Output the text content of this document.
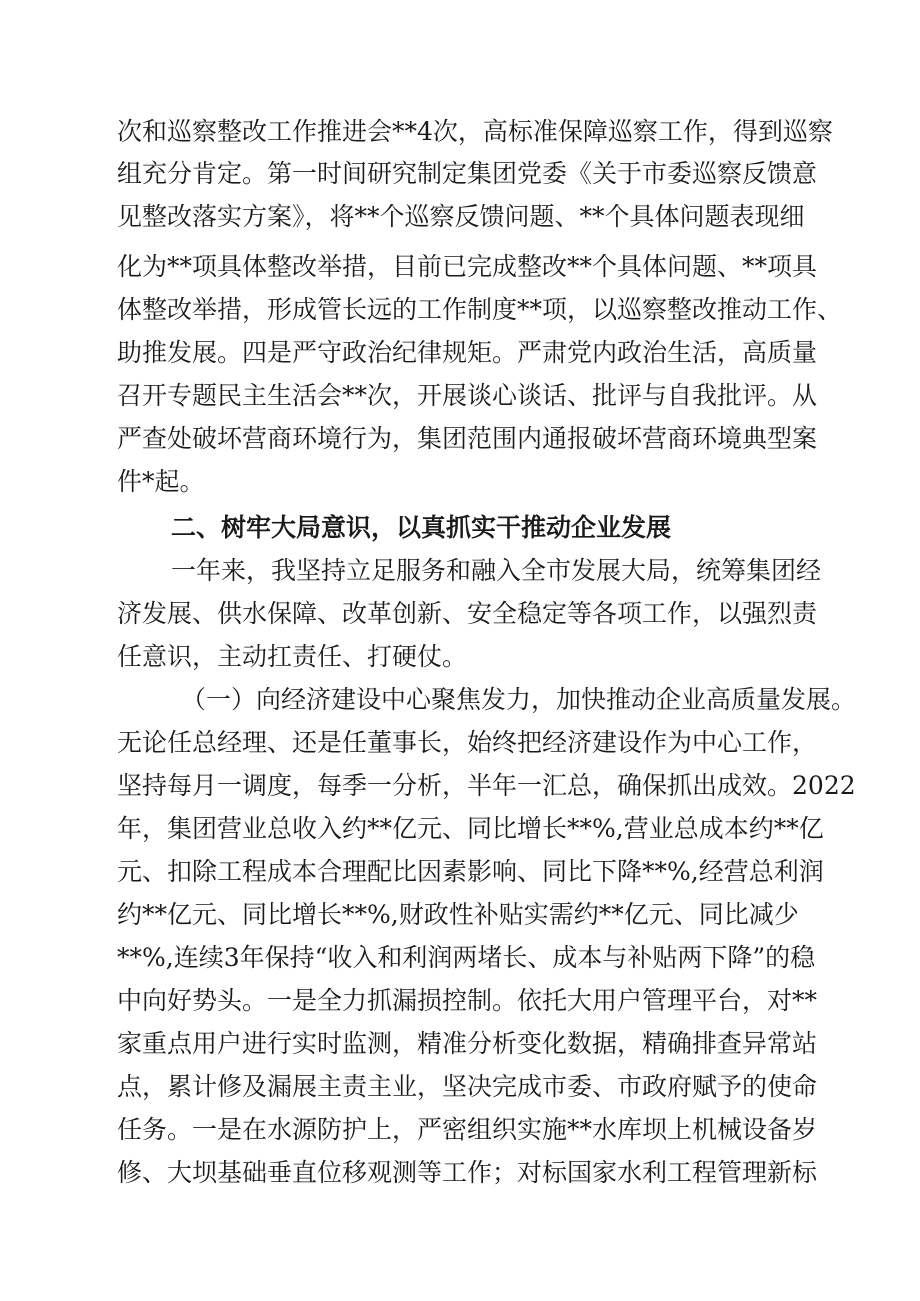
次和巡察整改工作推进会**4次，高标准保障巡察工作，得到巡察

组充分肯定。第一时间研究制定集团党委《关于市委巡察反馈意

见整改落实方案》，将**个巡察反馈问题、**个具体问题表现细

化为**项具体整改举措，目前已完成整改**个具体问题、**项具

体整改举措，形成管长远的工作制度**项，以巡察整改推动工作、

助推发展。四是严守政治纪律规矩。严肃党内政治生活，高质量

召开专题民主生活会**次，开展谈心谈话、批评与自我批评。从

严查处破坏营商环境行为，集团范围内通报破坏营商环境典型案

件*起。

二、树牢大局意识，以真抓实干推动企业发展

一年来，我坚持立足服务和融入全市发展大局，统筹集团经

济发展、供水保障、改革创新、安全稳定等各项工作，以强烈责

任意识，主动扛责任、打硬仗。

（一）向经济建设中心聚焦发力，加快推动企业高质量发展。

无论任总经理、还是任董事长，始终把经济建设作为中心工作，

坚持每月一调度，每季一分析，半年一汇总，确保抓出成效。2022

年，集团营业总收入约**亿元、同比增长**%,营业总成本约**亿

元、扣除工程成本合理配比因素影响、同比下降**%,经营总利润

约**亿元、同比增长**%,财政性补贴实需约**亿元、同比减少

**%,连续3年保持“收入和利润两堵长、成本与补贴两下降”的稳

中向好势头。一是全力抓漏损控制。依托大用户管理平台，对**

家重点用户进行实时监测，精准分析变化数据，精确排查异常站

点，累计修及漏展主责主业，坚决完成市委、市政府赋予的使命

任务。一是在水源防护上，严密组织实施**水库坝上机械设备岁

修、大坝基础垂直位移观测等工作；对标国家水利工程管理新标
